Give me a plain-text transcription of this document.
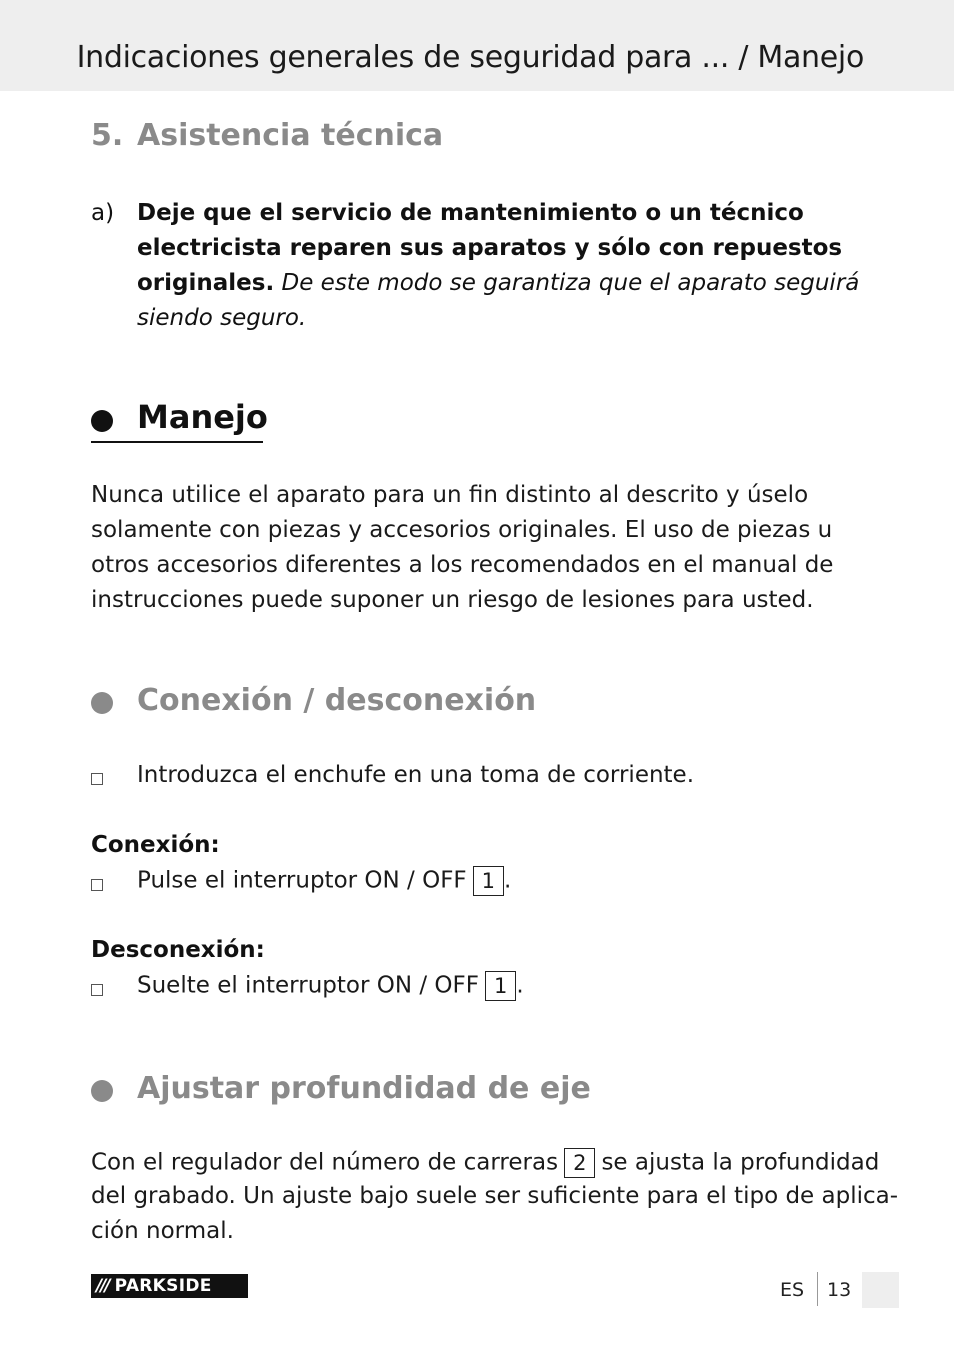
Indicaciones generales de seguridad para ... / Manejo
5. Asistencia técnica
a) Deje que el servicio de mantenimiento o un técnico electricista reparen sus aparatos y sólo con repuestos originales. De este modo se garantiza que el aparato seguirá siendo seguro.
Manejo
Nunca utilice el aparato para un fin distinto al descrito y úselo solamente con piezas y accesorios originales. El uso de piezas u otros accesorios diferentes a los recomendados en el manual de instrucciones puede suponer un riesgo de lesiones para usted.
Conexión / desconexión
Introduzca el enchufe en una toma de corriente.
Conexión:
Pulse el interruptor ON / OFF 1 .
Desconexión:
Suelte el interruptor ON / OFF 1 .
Ajustar profundidad de eje
Con el regulador del número de carreras 2 se ajusta la profundidad
del grabado. Un ajuste bajo suele ser suficiente para el tipo de aplica-
ción normal.
/// PARKSIDE	ES 13
